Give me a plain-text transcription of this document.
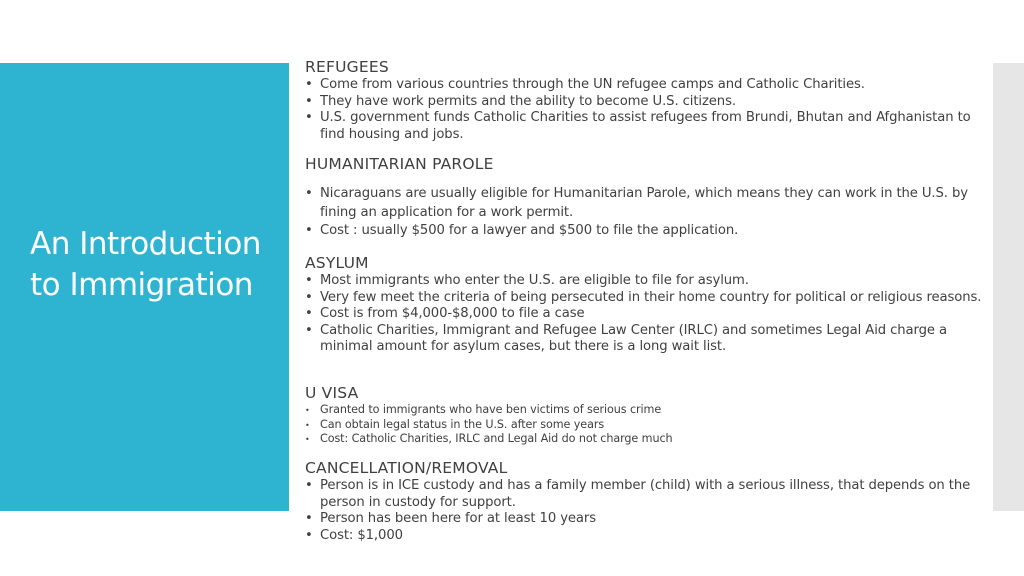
An Introduction to Immigration
REFUGEES
• Come from various countries through the UN refugee camps and Catholic Charities.
• They have work permits and the ability to become U.S. citizens.
• U.S. government funds Catholic Charities to assist refugees from Brundi, Bhutan and Afghanistan to find housing and jobs.
HUMANITARIAN PAROLE
• Nicaraguans are usually eligible for Humanitarian Parole, which means they can work in the U.S. by fining an application for a work permit.
• Cost : usually $500 for a lawyer and $500 to file the application.
ASYLUM
• Most immigrants who enter the U.S. are eligible to file for asylum.
• Very few meet the criteria of being persecuted in their home country for political or religious reasons.
• Cost is from $4,000-$8,000 to file a case
• Catholic Charities, Immigrant and Refugee Law Center (IRLC) and sometimes Legal Aid charge a minimal amount for asylum cases, but there is a long wait list.
U VISA
• Granted to immigrants who have ben victims of serious crime
• Can obtain legal status in the U.S. after some years
• Cost: Catholic Charities, IRLC and Legal Aid do not charge much
CANCELLATION/REMOVAL
• Person is in ICE custody and has a family member (child) with a serious illness, that depends on the person in custody for support.
• Person has been here for at least 10 years
• Cost: $1,000
